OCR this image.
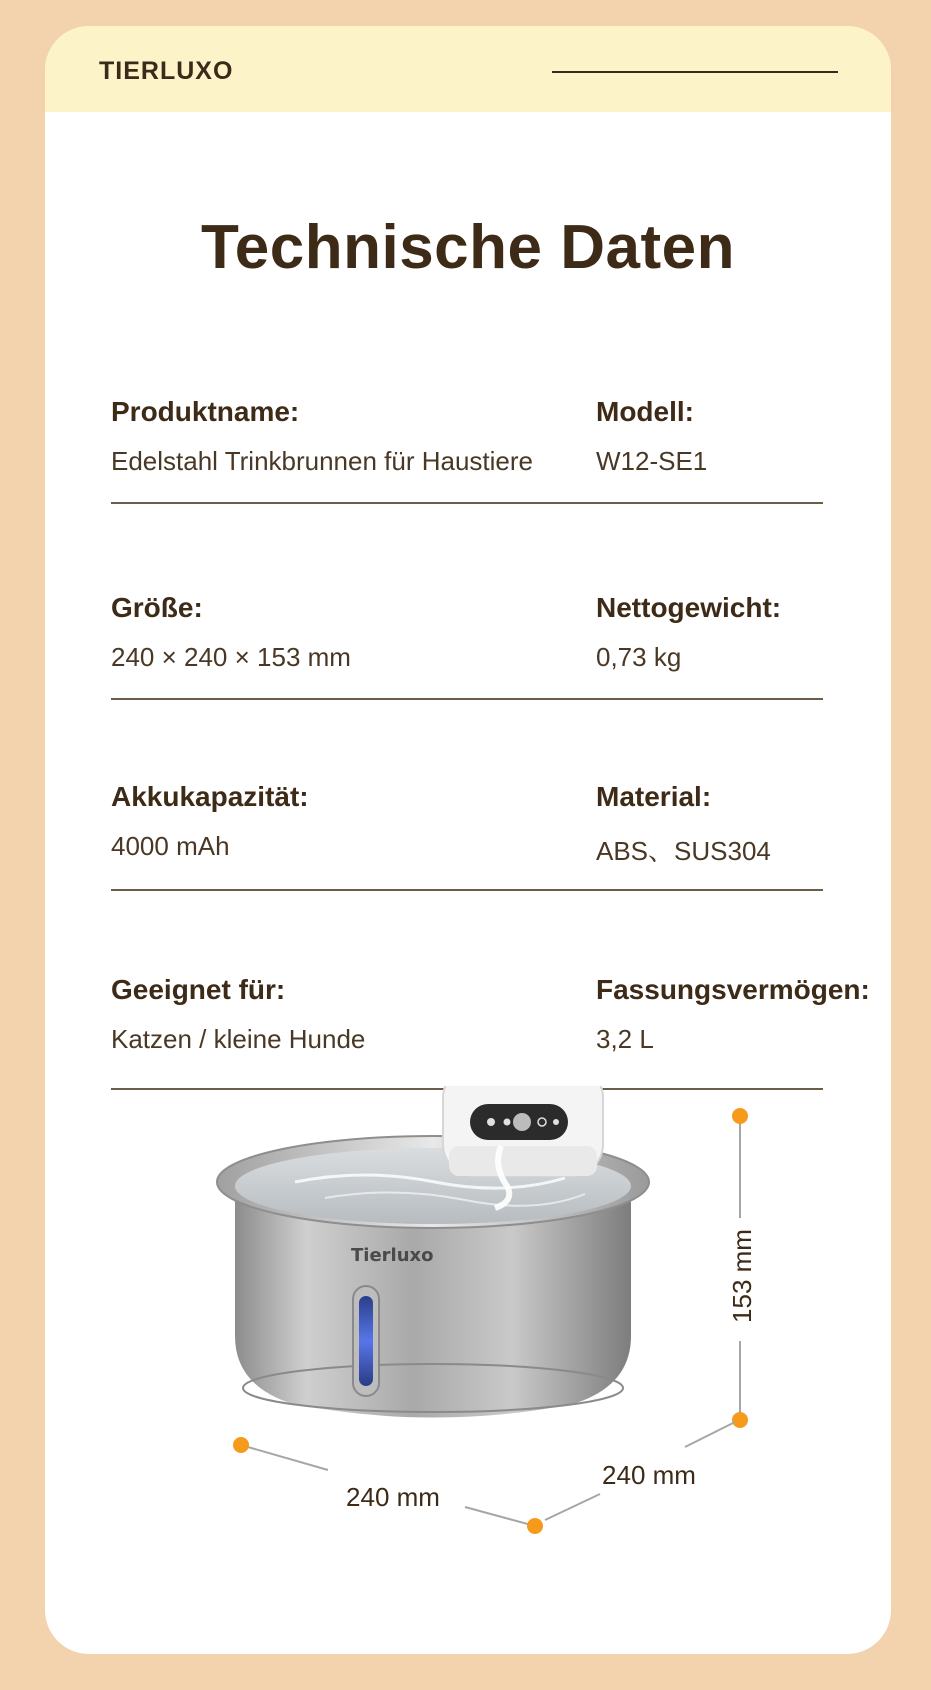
TIERLUXO
Technische Daten
Produktname:
Edelstahl Trinkbrunnen für Haustiere
Modell:
W12-SE1
Größe:
240 × 240 × 153 mm
Nettogewicht:
0,73 kg
Akkukapazität:
4000 mAh
Material:
ABS、SUS304
Geeignet für:
Katzen / kleine Hunde
Fassungsvermögen:
3,2 L
Tierluxo	153 mm
240 mm
240 mm
